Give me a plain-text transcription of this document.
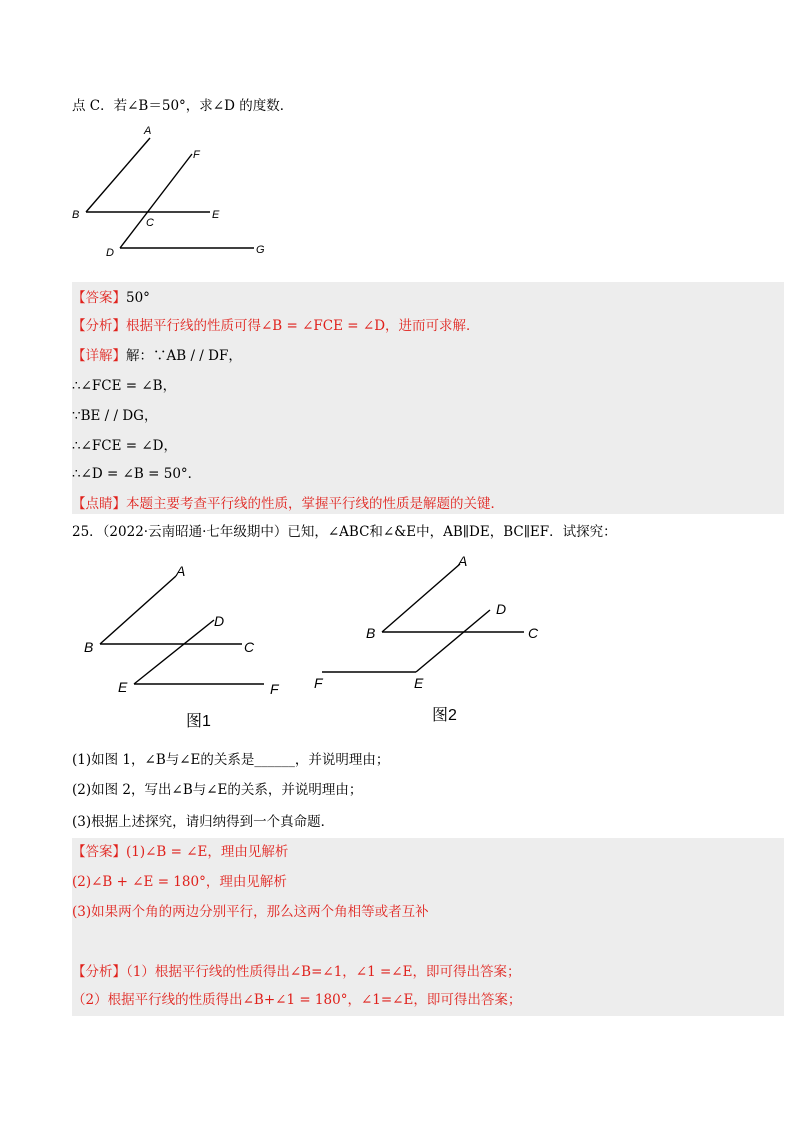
点 C．若∠B＝50°，求∠D 的度数．
A
F
B
C
E
D	G
【答案】50°
【分析】根据平行线的性质可得∠B = ∠FCE = ∠D，进而可求解．
【详解】解：∵AB / / DF，
∴∠FCE = ∠B，
∵BE / / DG，
∴∠FCE = ∠D，
∴∠D = ∠B = 50°．
【点睛】本题主要考查平行线的性质，掌握平行线的性质是解题的关键．
25．（2022·云南昭通·七年级期中）已知，∠ABC和∠&E中，AB∥DE，BC∥EF．试探究：
A
D
B	C
E	F
图1
A
D
B	C
F	E
图2
(1)如图 1，∠B与∠E的关系是______，并说明理由；
(2)如图 2，写出∠B与∠E的关系，并说明理由；
(3)根据上述探究，请归纳得到一个真命题．
【答案】(1)∠B = ∠E，理由见解析
(2)∠B + ∠E = 180°，理由见解析
(3)如果两个角的两边分别平行，那么这两个角相等或者互补
【分析】（1）根据平行线的性质得出∠B=∠1，∠1 =∠E，即可得出答案；
（2）根据平行线的性质得出∠B+∠1 = 180°，∠1=∠E，即可得出答案；
